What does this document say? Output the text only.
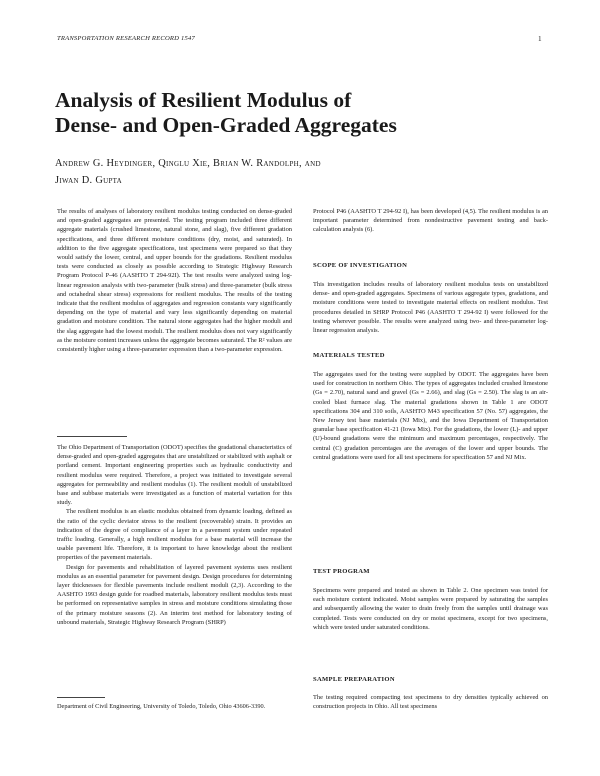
TRANSPORTATION RESEARCH RECORD 1547	1
Analysis of Resilient Modulus of
Dense- and Open-Graded Aggregates
Andrew G. Heydinger, Qinglu Xie, Brian W. Randolph, and
Jiwan D. Gupta

The results of analyses of laboratory resilient modulus testing conducted on dense-graded and open-graded aggregates are presented. The testing program included three different aggregate materials (crushed limestone, natural stone, and slag), five different gradation specifications, and three different moisture conditions (dry, moist, and saturated). In addition to the five aggregate specifications, test specimens were prepared so that they would satisfy the lower, central, and upper bounds for the gradations. Resilient modulus tests were conducted as closely as possible according to Strategic Highway Research Program Protocol P-46 (AASHTO T 294-92I). The test results were analyzed using log-linear regression analysis with two-parameter (bulk stress) and three-parameter (bulk stress and octahedral shear stress) expressions for resilient modulus. The results of the testing indicate that the resilient modulus of aggregates and regression constants vary significantly depending on the type of material and vary less significantly depending on material gradation and moisture condition. The natural stone aggregates had the higher moduli and the slag aggregate had the lowest moduli. The resilient modulus does not vary significantly as the moisture content increases unless the aggregate becomes saturated. The R² values are consistently higher using a three-parameter expression than a two-parameter expression.

The Ohio Department of Transportation (ODOT) specifies the gradational characteristics of dense-graded and open-graded aggregates that are unstabilized or stabilized with asphalt or portland cement. Important engineering properties such as hydraulic conductivity and resilient modulus were required. Therefore, a project was initiated to investigate several aggregates for permeability and resilient modulus (1). The resilient moduli of unstabilized base and subbase materials were investigated as a function of material variation for this study.

The resilient modulus is an elastic modulus obtained from dynamic loading, defined as the ratio of the cyclic deviator stress to the resilient (recoverable) strain. It provides an indication of the degree of compliance of a layer in a pavement system under repeated traffic loading. Generally, a high resilient modulus for a base material will increase the usable pavement life. Therefore, it is important to have knowledge about the resilient properties of the pavement materials.

Design for pavements and rehabilitation of layered pavement systems uses resilient modulus as an essential parameter for pavement design. Design procedures for determining layer thicknesses for flexible pavements include resilient moduli (2,3). According to the AASHTO 1993 design guide for roadbed materials, laboratory resilient modulus tests must be performed on representative samples in stress and moisture conditions simulating those of the primary moisture seasons (2). An interim test method for laboratory testing of unbound materials, Strategic Highway Research Program (SHRP)

Department of Civil Engineering, University of Toledo, Toledo, Ohio 43606-3390.

Protocol P46 (AASHTO T 294-92 I), has been developed (4,5). The resilient modulus is an important parameter determined from nondestructive pavement testing and back-calculation analysis (6).

SCOPE OF INVESTIGATION

This investigation includes results of laboratory resilient modulus tests on unstabilized dense- and open-graded aggregates. Specimens of various aggregate types, gradations, and moisture conditions were tested to investigate material effects on resilient modulus. Test procedures detailed in SHRP Protocol P46 (AASHTO T 294-92 I) were followed for the testing wherever possible. The results were analyzed using two- and three-parameter log-linear regression analysis.

MATERIALS TESTED

The aggregates used for the testing were supplied by ODOT. The aggregates have been used for construction in northern Ohio. The types of aggregates included crushed limestone (Gs = 2.70), natural sand and gravel (Gs = 2.66), and slag (Gs = 2.50). The slag is an air-cooled blast furnace slag. The material gradations shown in Table 1 are ODOT specifications 304 and 310 soils, AASHTO M43 specification 57 (No. 57) aggregates, the New Jersey test base materials (NJ Mix), and the Iowa Department of Transportation granular base specification 41-21 (Iowa Mix). For the gradations, the lower (L)- and upper (U)-bound gradations were the minimum and maximum percentages, respectively. The central (C) gradation percentages are the averages of the lower and upper bounds. The central gradations were used for all test specimens for specification 57 and NJ Mix.

TEST PROGRAM

Specimens were prepared and tested as shown in Table 2. One specimen was tested for each moisture content indicated. Moist samples were prepared by saturating the samples and subsequently allowing the water to drain freely from the samples until drainage was completed. Tests were conducted on dry or moist specimens, except for two specimens, which were tested under saturated conditions.

SAMPLE PREPARATION

The testing required compacting test specimens to dry densities typically achieved on construction projects in Ohio. All test specimens
